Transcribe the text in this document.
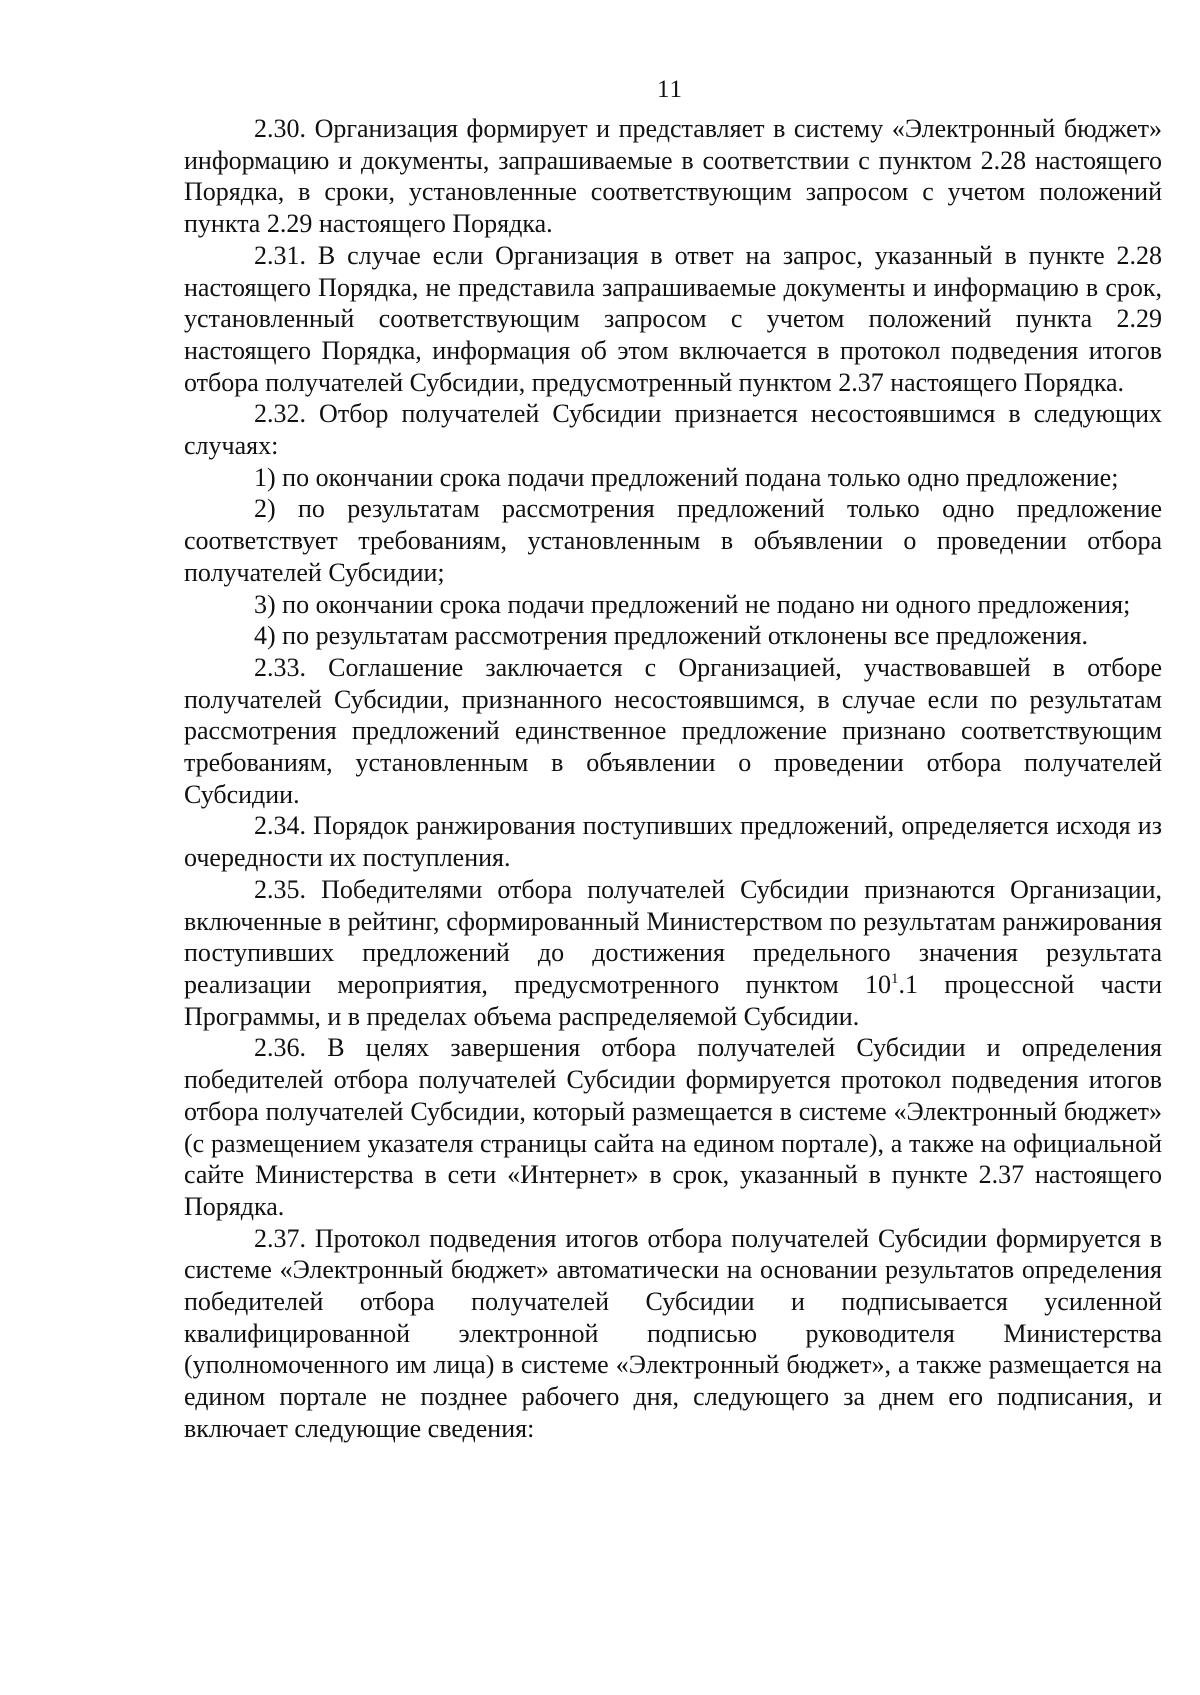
11

2.30. Организация формирует и представляет в систему «Электронный бюджет» информацию и документы, запрашиваемые в соответствии с пунктом 2.28 настоящего Порядка, в сроки, установленные соответствующим запросом с учетом положений пункта 2.29 настоящего Порядка.

2.31. В случае если Организация в ответ на запрос, указанный в пункте 2.28 настоящего Порядка, не представила запрашиваемые документы и информацию в срок, установленный соответствующим запросом с учетом положений пункта 2.29 настоящего Порядка, информация об этом включается в протокол подведения итогов отбора получателей Субсидии, предусмотренный пунктом 2.37 настоящего Порядка.

2.32. Отбор получателей Субсидии признается несостоявшимся в следующих случаях:

1) по окончании срока подачи предложений подана только одно предложение;

2) по результатам рассмотрения предложений только одно предложение соответствует требованиям, установленным в объявлении о проведении отбора получателей Субсидии;

3) по окончании срока подачи предложений не подано ни одного предложения;

4) по результатам рассмотрения предложений отклонены все предложения.

2.33. Соглашение заключается с Организацией, участвовавшей в отборе получателей Субсидии, признанного несостоявшимся, в случае если по результатам рассмотрения предложений единственное предложение признано соответствующим требованиям, установленным в объявлении о проведении отбора получателей Субсидии.

2.34. Порядок ранжирования поступивших предложений, определяется исходя из очередности их поступления.

2.35. Победителями отбора получателей Субсидии признаются Организации, включенные в рейтинг, сформированный Министерством по результатам ранжирования поступивших предложений до достижения предельного значения результата реализации мероприятия, предусмотренного пунктом $10^1.1$ процессной части Программы, и в пределах объема распределяемой Субсидии.

2.36. В целях завершения отбора получателей Субсидии и определения победителей отбора получателей Субсидии формируется протокол подведения итогов отбора получателей Субсидии, который размещается в системе «Электронный бюджет» (с размещением указателя страницы сайта на едином портале), а также на официальной сайте Министерства в сети «Интернет» в срок, указанный в пункте 2.37 настоящего Порядка.

2.37. Протокол подведения итогов отбора получателей Субсидии формируется в системе «Электронный бюджет» автоматически на основании результатов определения победителей отбора получателей Субсидии и подписывается усиленной квалифицированной электронной подписью руководителя Министерства (уполномоченного им лица) в системе «Электронный бюджет», а также размещается на едином портале не позднее рабочего дня, следующего за днем его подписания, и включает следующие сведения:
